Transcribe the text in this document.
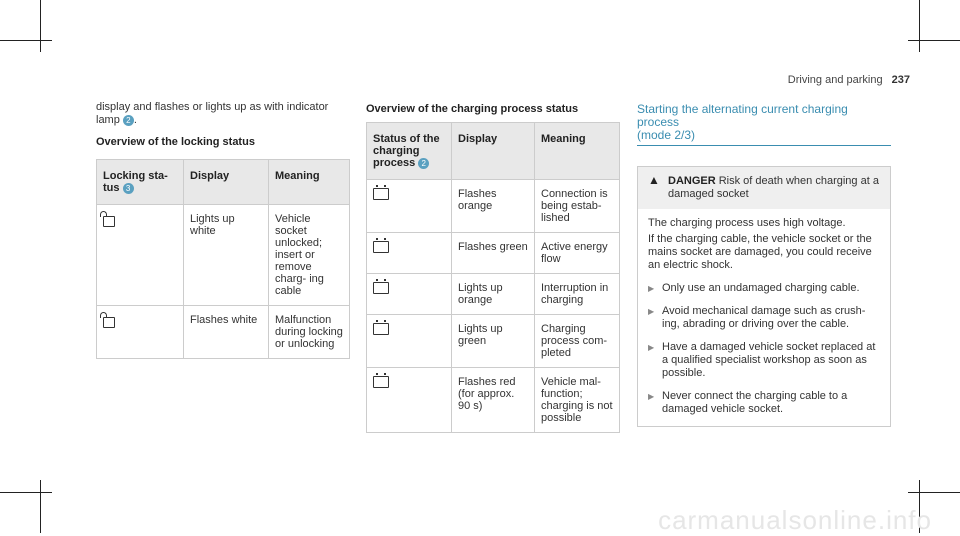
Driving and parking 237
display and flashes or lights up as with indicator lamp 2 .
Overview of the locking status
Locking sta-
tus 3	Display	Meaning
	Lights up white	Vehicle socket unlocked; insert or remove charg- ing cable
	Flashes white	Malfunction during locking or unlocking
Overview of the charging process status
Status of the charging process 2	Display	Meaning
	Flashes orange	Connection is being estab- lished
	Flashes green	Active energy flow
	Lights up orange	Interruption in charging
	Lights up green	Charging process com- pleted
	Flashes red (for approx. 90 s)	Vehicle mal- function; charging is not possible
Starting the alternating current charging process
(mode 2/3)
▲ DANGER Risk of death when charging at a damaged socket
The charging process uses high voltage.
If the charging cable, the vehicle socket or the mains socket are damaged, you could receive an electric shock.
▶ Only use an undamaged charging cable.
▶ Avoid mechanical damage such as crush- ing, abrading or driving over the cable.
▶ Have a damaged vehicle socket replaced at a qualified specialist workshop as soon as possible.
▶ Never connect the charging cable to a damaged vehicle socket.
carmanualsonline.info
